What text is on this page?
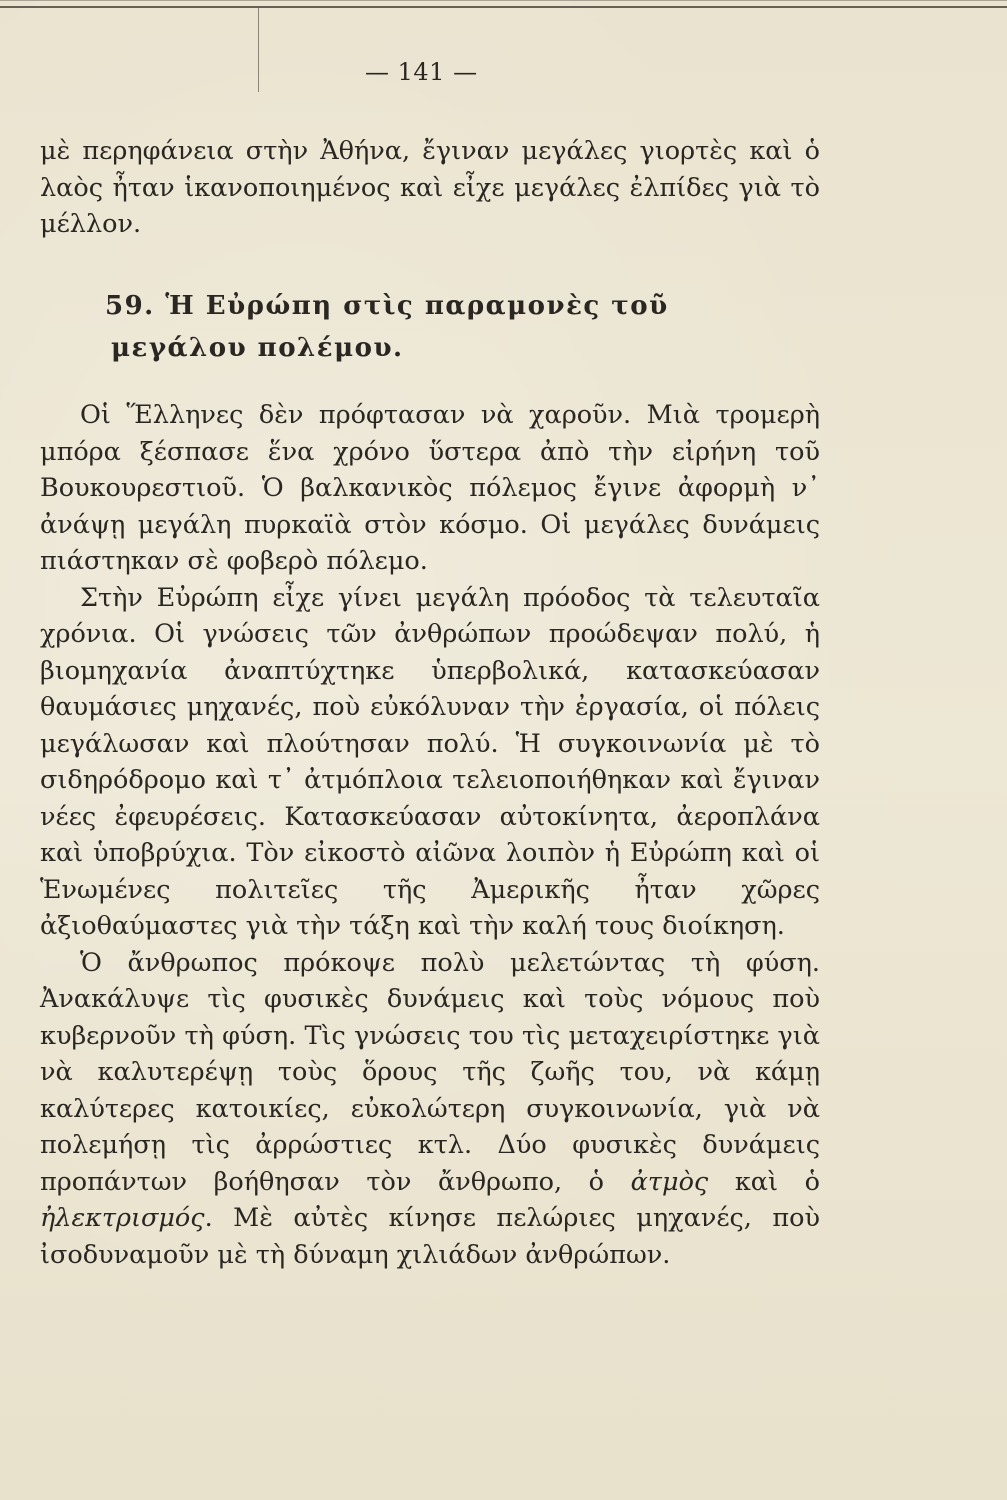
— 141 —

μὲ περηφάνεια στὴν Ἀθήνα, ἔγιναν μεγάλες γιορτὲς καὶ ὁ λαὸς ἦταν ἱκανοποιημένος καὶ εἶχε μεγάλες ἐλπίδες γιὰ τὸ μέλλον.

59. Ἡ Εὐρώπη στὶς παραμονὲς τοῦ
μεγάλου πολέμου.

Οἱ Ἕλληνες δὲν πρόφτασαν νὰ χαροῦν. Μιὰ τρομερὴ μπόρα ξέσπασε ἕνα χρόνο ὕστερα ἀπὸ τὴν εἰρήνη τοῦ Βουκουρεστιοῦ. Ὁ βαλκανικὸς πόλεμος ἔγινε ἀφορμὴ ν᾿ ἀνάψῃ μεγάλη πυρκαϊὰ στὸν κόσμο. Οἱ μεγάλες δυνάμεις πιάστηκαν σὲ φοβερὸ πόλεμο.

Στὴν Εὐρώπη εἶχε γίνει μεγάλη πρόοδος τὰ τελευταῖα χρόνια. Οἱ γνώσεις τῶν ἀνθρώπων προώδεψαν πολύ, ἡ βιομηχανία ἀναπτύχτηκε ὑπερβολικά, κατασκεύασαν θαυμάσιες μηχανές, ποὺ εὐκόλυναν τὴν ἐργασία, οἱ πόλεις μεγάλωσαν καὶ πλούτησαν πολύ. Ἡ συγκοινωνία μὲ τὸ σιδηρόδρομο καὶ τ᾿ ἀτμόπλοια τελειοποιήθηκαν καὶ ἔγιναν νέες ἐφευρέσεις. Κατασκεύασαν αὐτοκίνητα, ἀεροπλάνα καὶ ὑποβρύχια. Τὸν εἰκοστὸ αἰῶνα λοιπὸν ἡ Εὐρώπη καὶ οἱ Ἑνωμένες πολιτεῖες τῆς Ἀμερικῆς ἦταν χῶρες ἀξιοθαύμαστες γιὰ τὴν τάξη καὶ τὴν καλή τους διοίκηση.

Ὁ ἄνθρωπος πρόκοψε πολὺ μελετώντας τὴ φύση. Ἀνακάλυψε τὶς φυσικὲς δυνάμεις καὶ τοὺς νόμους ποὺ κυβερνοῦν τὴ φύση. Τὶς γνώσεις του τὶς μεταχειρίστηκε γιὰ νὰ καλυτερέψῃ τοὺς ὅρους τῆς ζωῆς του, νὰ κάμῃ καλύτερες κατοικίες, εὐκολώτερη συγκοινωνία, γιὰ νὰ πολεμήσῃ τὶς ἀρρώστιες κτλ. Δύο φυσικὲς δυνάμεις προπάντων βοήθησαν τὸν ἄνθρωπο, ὁ ἀτμὸς καὶ ὁ ἠλεκτρισμός. Μὲ αὐτὲς κίνησε πελώριες μηχανές, ποὺ ἰσοδυναμοῦν μὲ τὴ δύναμη χιλιάδων ἀνθρώπων.
